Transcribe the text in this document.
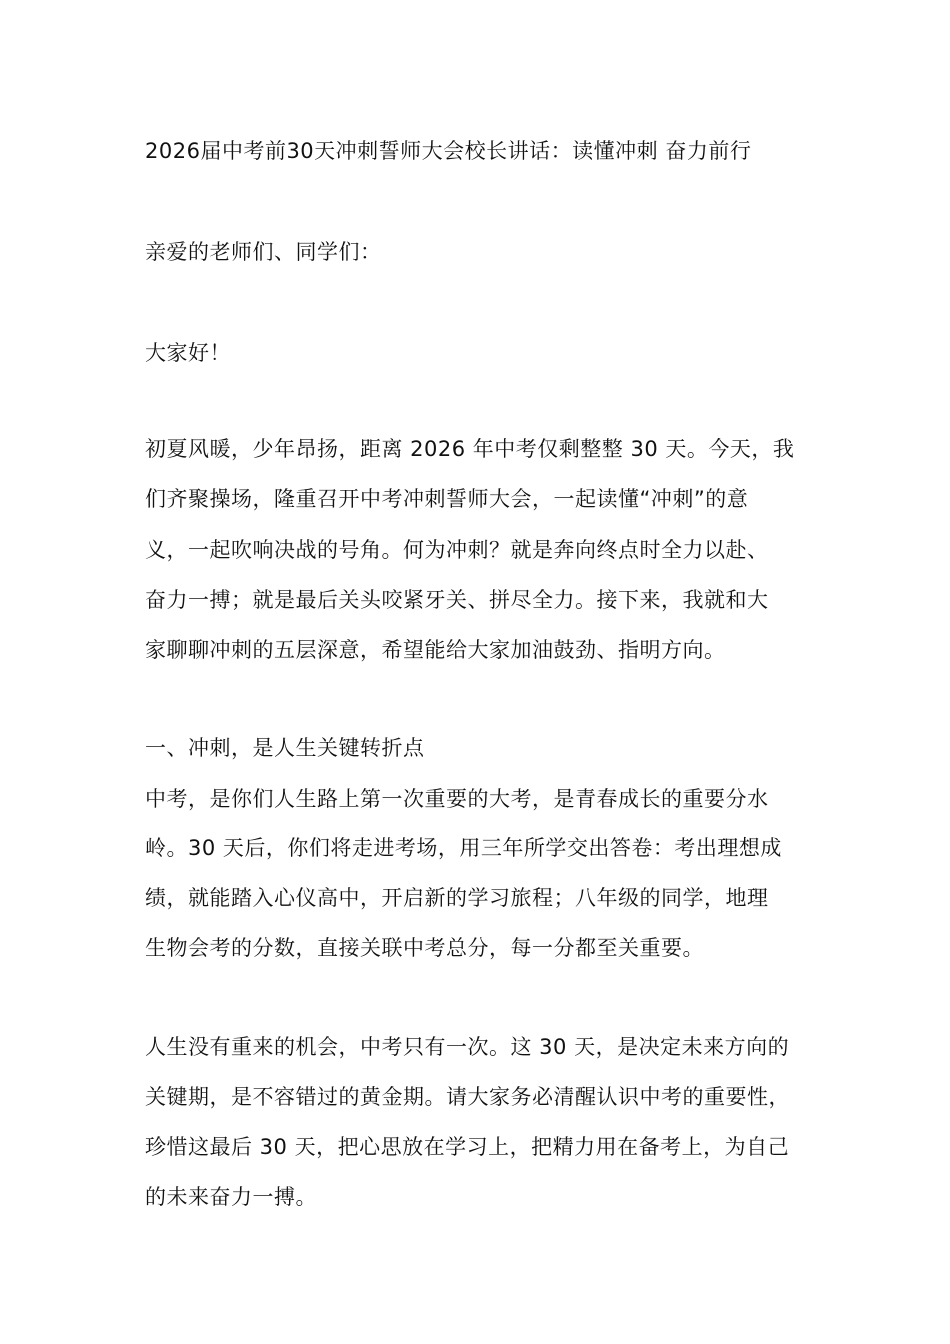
2026届中考前30天冲刺誓师大会校长讲话：读懂冲刺 奋力前行
亲爱的老师们、同学们：
大家好！
初夏风暖，少年昂扬，距离 2026 年中考仅剩整整 30 天。今天，我
们齐聚操场，隆重召开中考冲刺誓师大会，一起读懂“冲刺”的意
义，一起吹响决战的号角。何为冲刺？就是奔向终点时全力以赴、
奋力一搏；就是最后关头咬紧牙关、拼尽全力。接下来，我就和大
家聊聊冲刺的五层深意，希望能给大家加油鼓劲、指明方向。
一、冲刺，是人生关键转折点
中考，是你们人生路上第一次重要的大考，是青春成长的重要分水
岭。30 天后，你们将走进考场，用三年所学交出答卷：考出理想成
绩，就能踏入心仪高中，开启新的学习旅程；八年级的同学，地理
生物会考的分数，直接关联中考总分，每一分都至关重要。
人生没有重来的机会，中考只有一次。这 30 天，是决定未来方向的
关键期，是不容错过的黄金期。请大家务必清醒认识中考的重要性，
珍惜这最后 30 天，把心思放在学习上，把精力用在备考上，为自己
的未来奋力一搏。
